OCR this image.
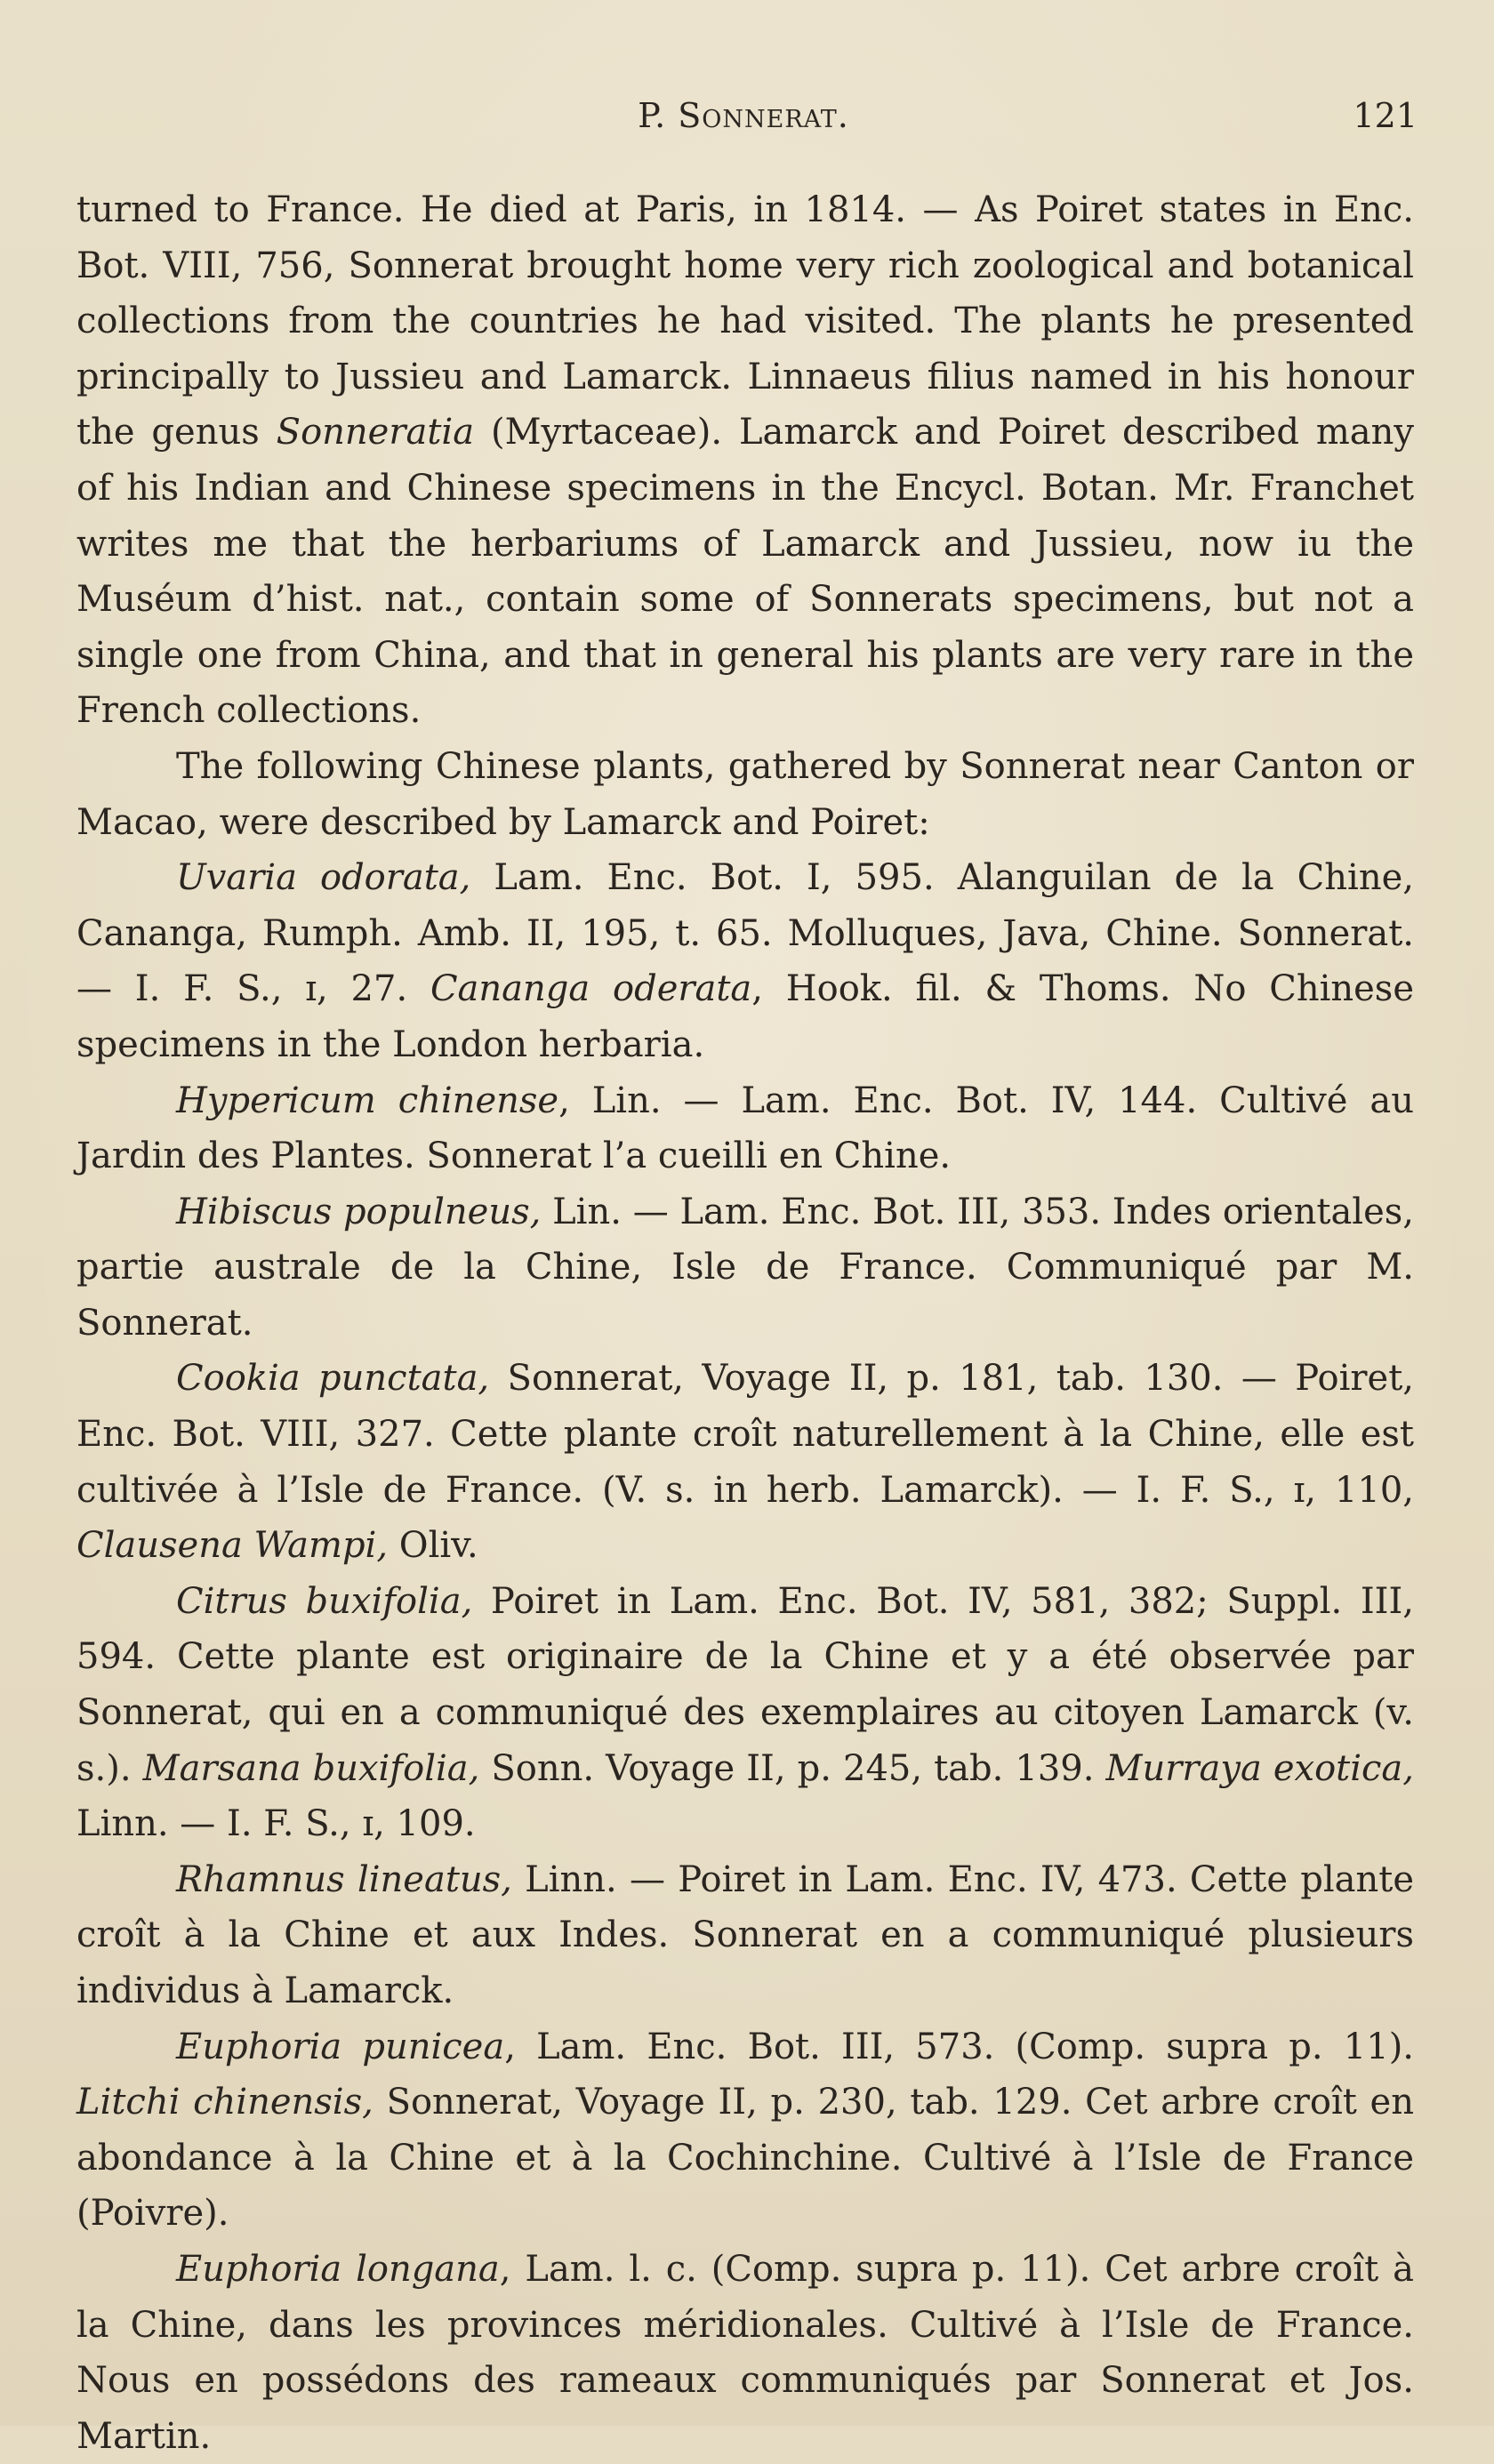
P. Sonnerat.	121

turned to France. He died at Paris, in 1814. — As Poiret states in Enc. Bot. VIII, 756, Sonnerat brought home very rich zoological and botanical collections from the countries he had visited. The plants he presented principally to Jussieu and Lamarck. Linnaeus filius named in his honour the genus Sonneratia (Myrtaceae). Lamarck and Poiret described many of his Indian and Chinese specimens in the Encycl. Botan. Mr. Franchet writes me that the herbariums of Lamarck and Jussieu, now iu the Muséum d’hist. nat., contain some of Sonnerats specimens, but not a single one from China, and that in general his plants are very rare in the French collections.

The following Chinese plants, gathered by Sonnerat near Canton or Macao, were described by Lamarck and Poiret:

Uvaria odorata, Lam. Enc. Bot. I, 595. Alanguilan de la Chine, Cananga, Rumph. Amb. II, 195, t. 65. Molluques, Java, Chine. Sonnerat. — I. F. S., ɪ, 27. Cananga oderata, Hook. fil. & Thoms. No Chinese specimens in the London herbaria.

Hypericum chinense, Lin. — Lam. Enc. Bot. IV, 144. Cultivé au Jardin des Plantes. Sonnerat l’a cueilli en Chine.

Hibiscus populneus, Lin. — Lam. Enc. Bot. III, 353. Indes orientales, partie australe de la Chine, Isle de France. Communiqué par M. Sonnerat.

Cookia punctata, Sonnerat, Voyage II, p. 181, tab. 130. — Poiret, Enc. Bot. VIII, 327. Cette plante croît naturellement à la Chine, elle est cultivée à l’Isle de France. (V. s. in herb. Lamarck). — I. F. S., ɪ, 110, Clausena Wampi, Oliv.

Citrus buxifolia, Poiret in Lam. Enc. Bot. IV, 581, 382; Suppl. III, 594. Cette plante est originaire de la Chine et y a été observée par Sonnerat, qui en a communiqué des exemplaires au citoyen Lamarck (v. s.). Marsana buxifolia, Sonn. Voyage II, p. 245, tab. 139. Murraya exotica, Linn. — I. F. S., ɪ, 109.

Rhamnus lineatus, Linn. — Poiret in Lam. Enc. IV, 473. Cette plante croît à la Chine et aux Indes. Sonnerat en a communiqué plusieurs individus à Lamarck.

Euphoria punicea, Lam. Enc. Bot. III, 573. (Comp. supra p. 11). Litchi chinensis, Sonnerat, Voyage II, p. 230, tab. 129. Cet arbre croît en abondance à la Chine et à la Cochinchine. Cultivé à l’Isle de France (Poivre).

Euphoria longana, Lam. l. c. (Comp. supra p. 11). Cet arbre croît à la Chine, dans les provinces méridionales. Cultivé à l’Isle de France. Nous en possédons des rameaux communiqués par Sonnerat et Jos. Martin.
